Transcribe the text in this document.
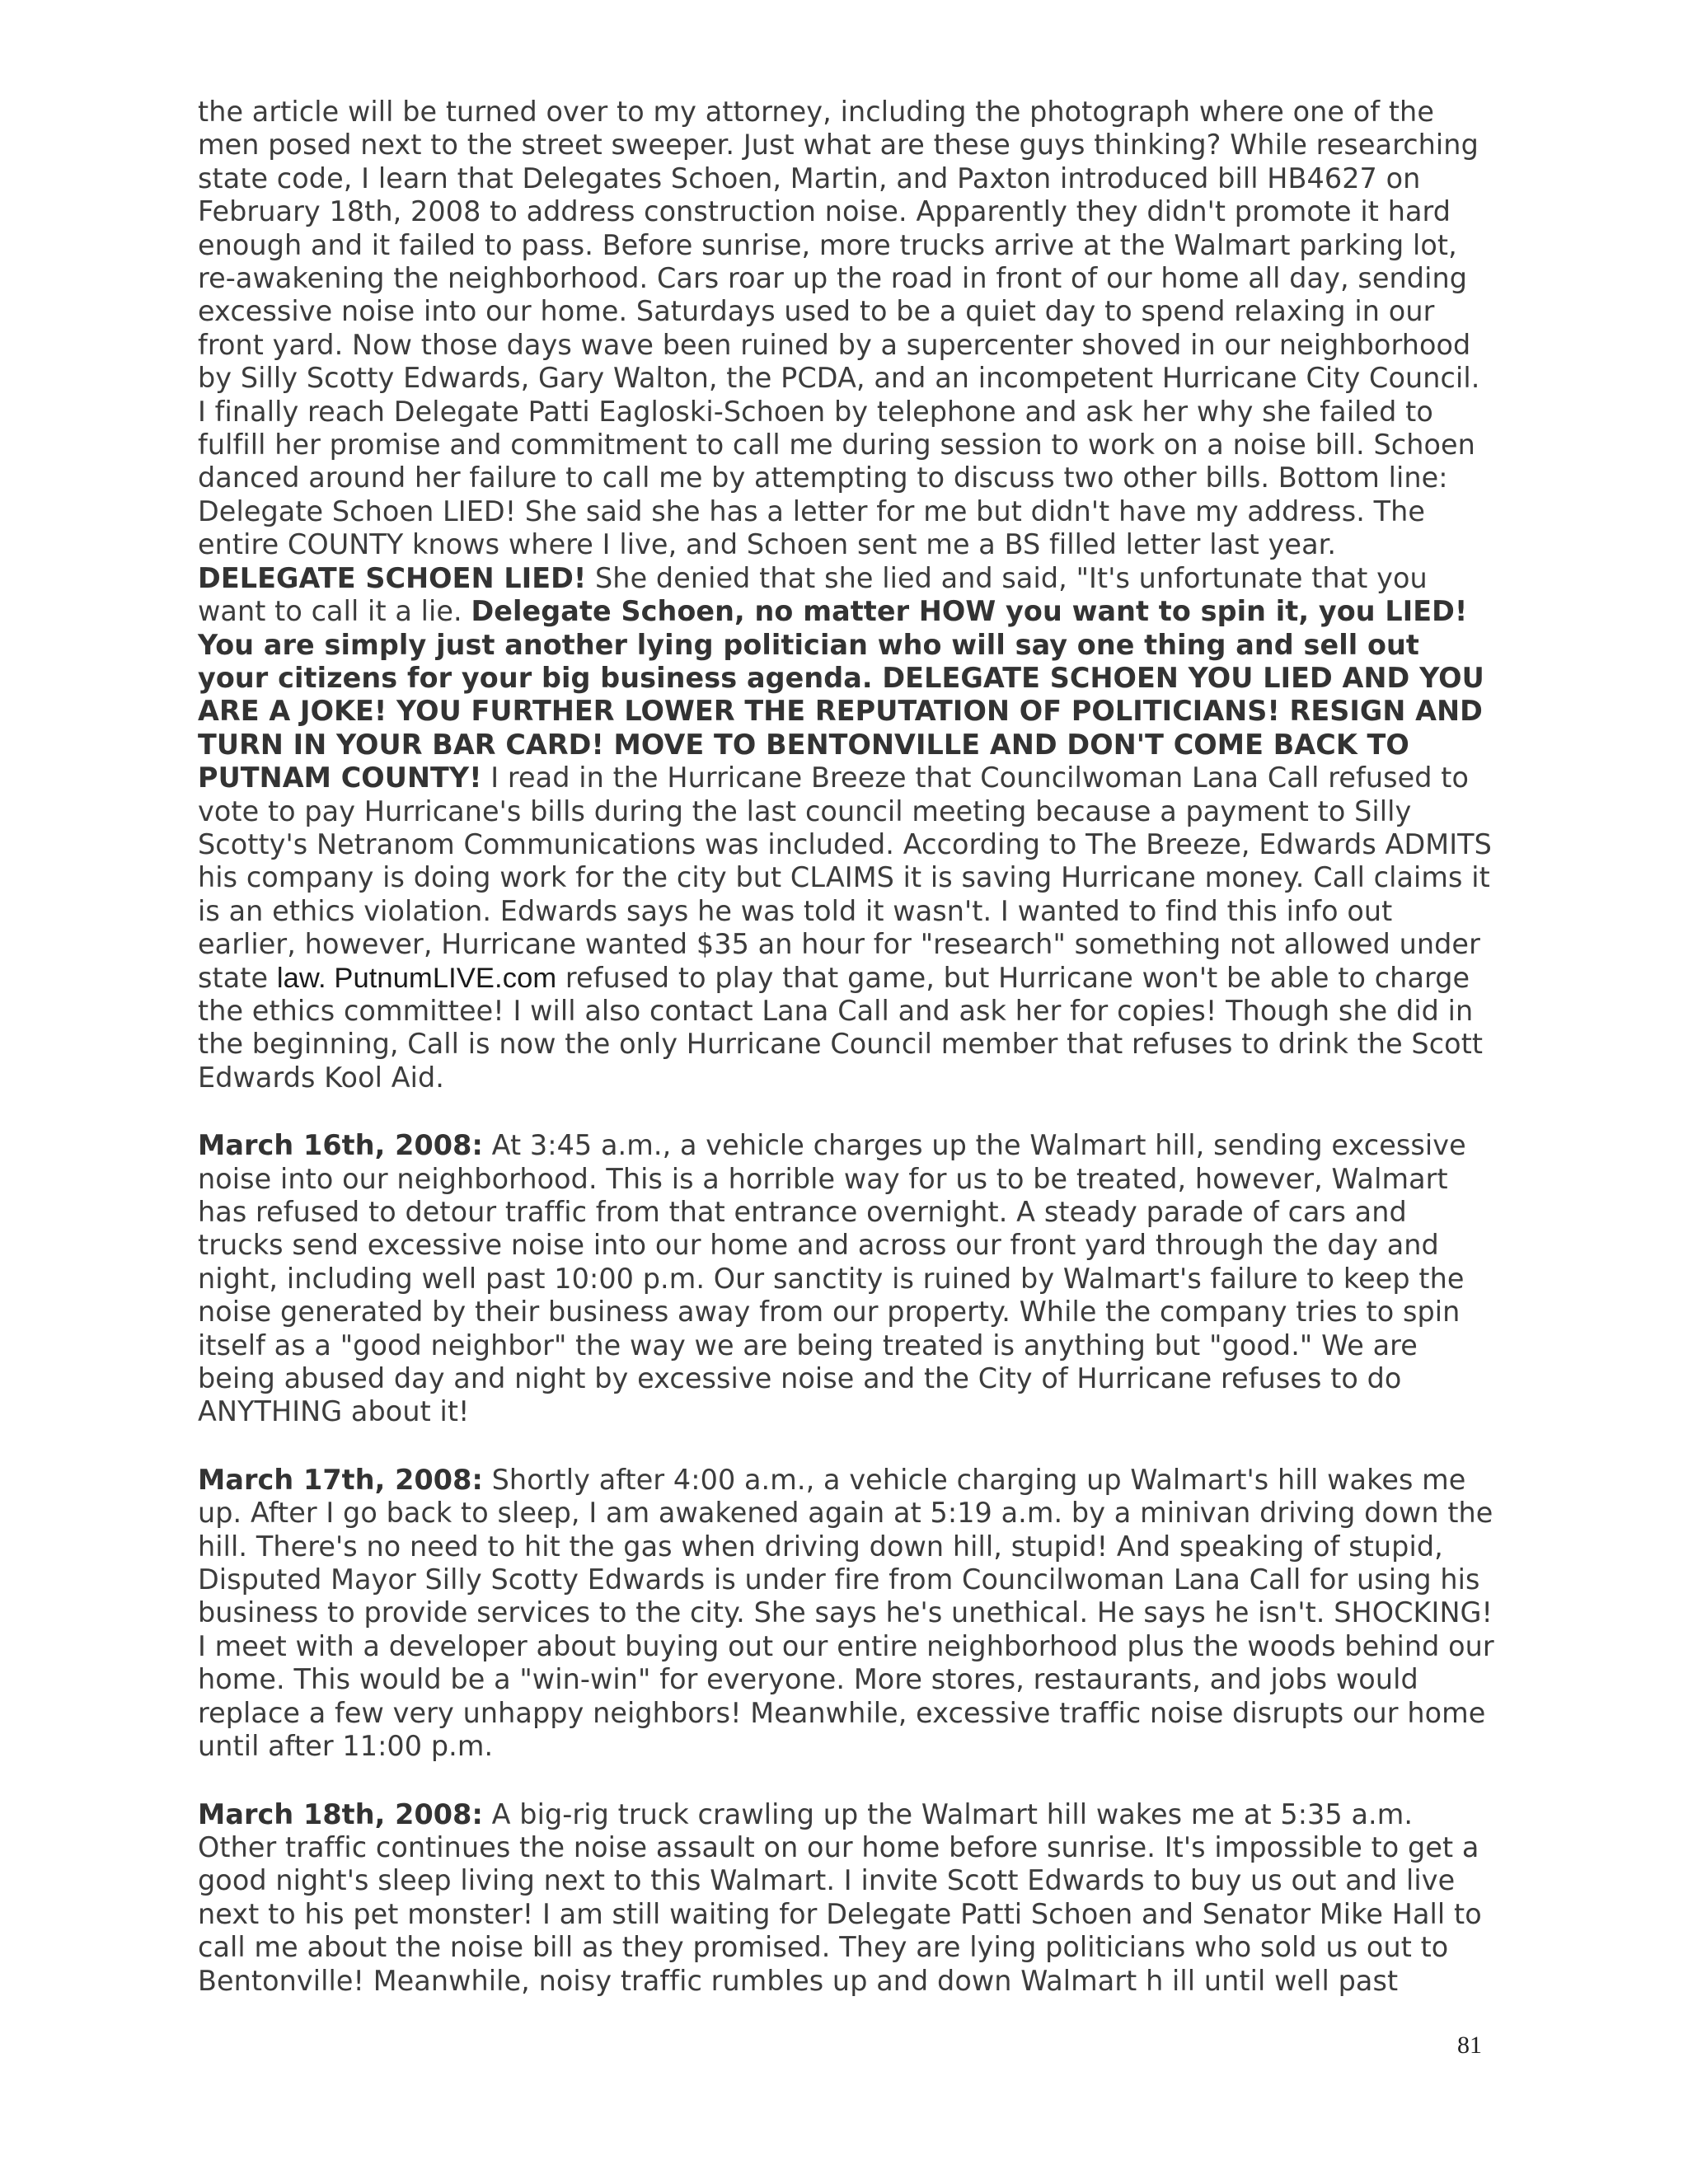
the article will be turned over to my attorney, including the photograph where one of the men posed next to the street sweeper. Just what are these guys thinking? While researching state code, I learn that Delegates Schoen, Martin, and Paxton introduced bill HB4627 on February 18th, 2008 to address construction noise. Apparently they didn't promote it hard enough and it failed to pass. Before sunrise, more trucks arrive at the Walmart parking lot, re-awakening the neighborhood. Cars roar up the road in front of our home all day, sending excessive noise into our home. Saturdays used to be a quiet day to spend relaxing in our front yard. Now those days wave been ruined by a supercenter shoved in our neighborhood by Silly Scotty Edwards, Gary Walton, the PCDA, and an incompetent Hurricane City Council. I finally reach Delegate Patti Eagloski-Schoen by telephone and ask her why she failed to fulfill her promise and commitment to call me during session to work on a noise bill. Schoen danced around her failure to call me by attempting to discuss two other bills. Bottom line: Delegate Schoen LIED! She said she has a letter for me but didn't have my address. The entire COUNTY knows where I live, and Schoen sent me a BS filled letter last year. DELEGATE SCHOEN LIED! She denied that she lied and said, "It's unfortunate that you want to call it a lie. Delegate Schoen, no matter HOW you want to spin it, you LIED! You are simply just another lying politician who will say one thing and sell out your citizens for your big business agenda. DELEGATE SCHOEN YOU LIED AND YOU ARE A JOKE! YOU FURTHER LOWER THE REPUTATION OF POLITICIANS! RESIGN AND TURN IN YOUR BAR CARD! MOVE TO BENTONVILLE AND DON'T COME BACK TO PUTNAM COUNTY! I read in the Hurricane Breeze that Councilwoman Lana Call refused to vote to pay Hurricane's bills during the last council meeting because a payment to Silly Scotty's Netranom Communications was included. According to The Breeze, Edwards ADMITS his company is doing work for the city but CLAIMS it is saving Hurricane money. Call claims it is an ethics violation. Edwards says he was told it wasn't. I wanted to find this info out earlier, however, Hurricane wanted $35 an hour for "research" something not allowed under state law. PutnumLIVE.com refused to play that game, but Hurricane won't be able to charge the ethics committee! I will also contact Lana Call and ask her for copies! Though she did in the beginning, Call is now the only Hurricane Council member that refuses to drink the Scott Edwards Kool Aid.

March 16th, 2008: At 3:45 a.m., a vehicle charges up the Walmart hill, sending excessive noise into our neighborhood. This is a horrible way for us to be treated, however, Walmart has refused to detour traffic from that entrance overnight. A steady parade of cars and trucks send excessive noise into our home and across our front yard through the day and night, including well past 10:00 p.m. Our sanctity is ruined by Walmart's failure to keep the noise generated by their business away from our property. While the company tries to spin itself as a "good neighbor" the way we are being treated is anything but "good." We are being abused day and night by excessive noise and the City of Hurricane refuses to do ANYTHING about it!

March 17th, 2008: Shortly after 4:00 a.m., a vehicle charging up Walmart's hill wakes me up. After I go back to sleep, I am awakened again at 5:19 a.m. by a minivan driving down the hill. There's no need to hit the gas when driving down hill, stupid! And speaking of stupid, Disputed Mayor Silly Scotty Edwards is under fire from Councilwoman Lana Call for using his business to provide services to the city. She says he's unethical. He says he isn't. SHOCKING! I meet with a developer about buying out our entire neighborhood plus the woods behind our home. This would be a "win-win" for everyone. More stores, restaurants, and jobs would replace a few very unhappy neighbors! Meanwhile, excessive traffic noise disrupts our home until after 11:00 p.m.

March 18th, 2008: A big-rig truck crawling up the Walmart hill wakes me at 5:35 a.m. Other traffic continues the noise assault on our home before sunrise. It's impossible to get a good night's sleep living next to this Walmart. I invite Scott Edwards to buy us out and live next to his pet monster! I am still waiting for Delegate Patti Schoen and Senator Mike Hall to call me about the noise bill as they promised. They are lying politicians who sold us out to Bentonville! Meanwhile, noisy traffic rumbles up and down Walmart h ill until well past

81
